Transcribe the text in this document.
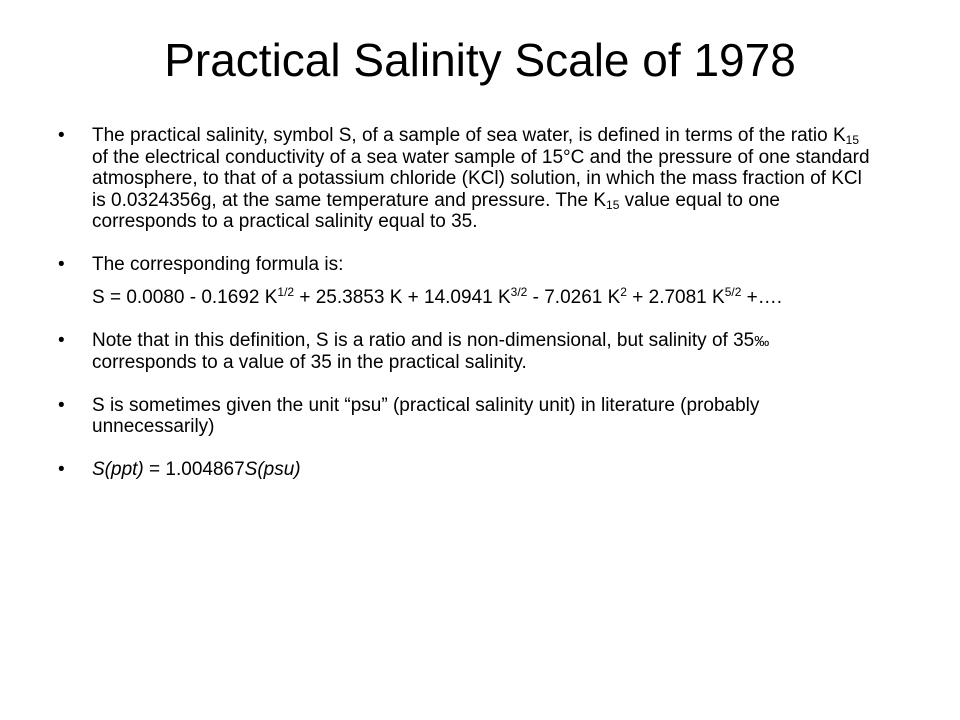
Practical Salinity Scale of 1978
•	The practical salinity, symbol S, of a sample of sea water, is defined in terms of the ratio $K_{15}$ of the electrical conductivity of a sea water sample of 15°C and the pressure of one standard atmosphere, to that of a potassium chloride (KCl) solution, in which the mass fraction of KCl is 0.0324356g, at the same temperature and pressure. The $K_{15}$ value equal to one corresponds to a practical salinity equal to 35.
•	The corresponding formula is:
S = 0.0080 - 0.1692 $K^{1/2} + 25.3853$ K + 14.0941 $K^{3/2} - 7.0261$ $K^2 + 2.7081$ $K^{5/2}$ +….
•	Note that in this definition, S is a ratio and is non-dimensional, but salinity of 35‰ corresponds to a value of 35 in the practical salinity.
•	S is sometimes given the unit “psu” (practical salinity unit) in literature (probably unnecessarily)
•	S(ppt) = 1.004867S(psu)
